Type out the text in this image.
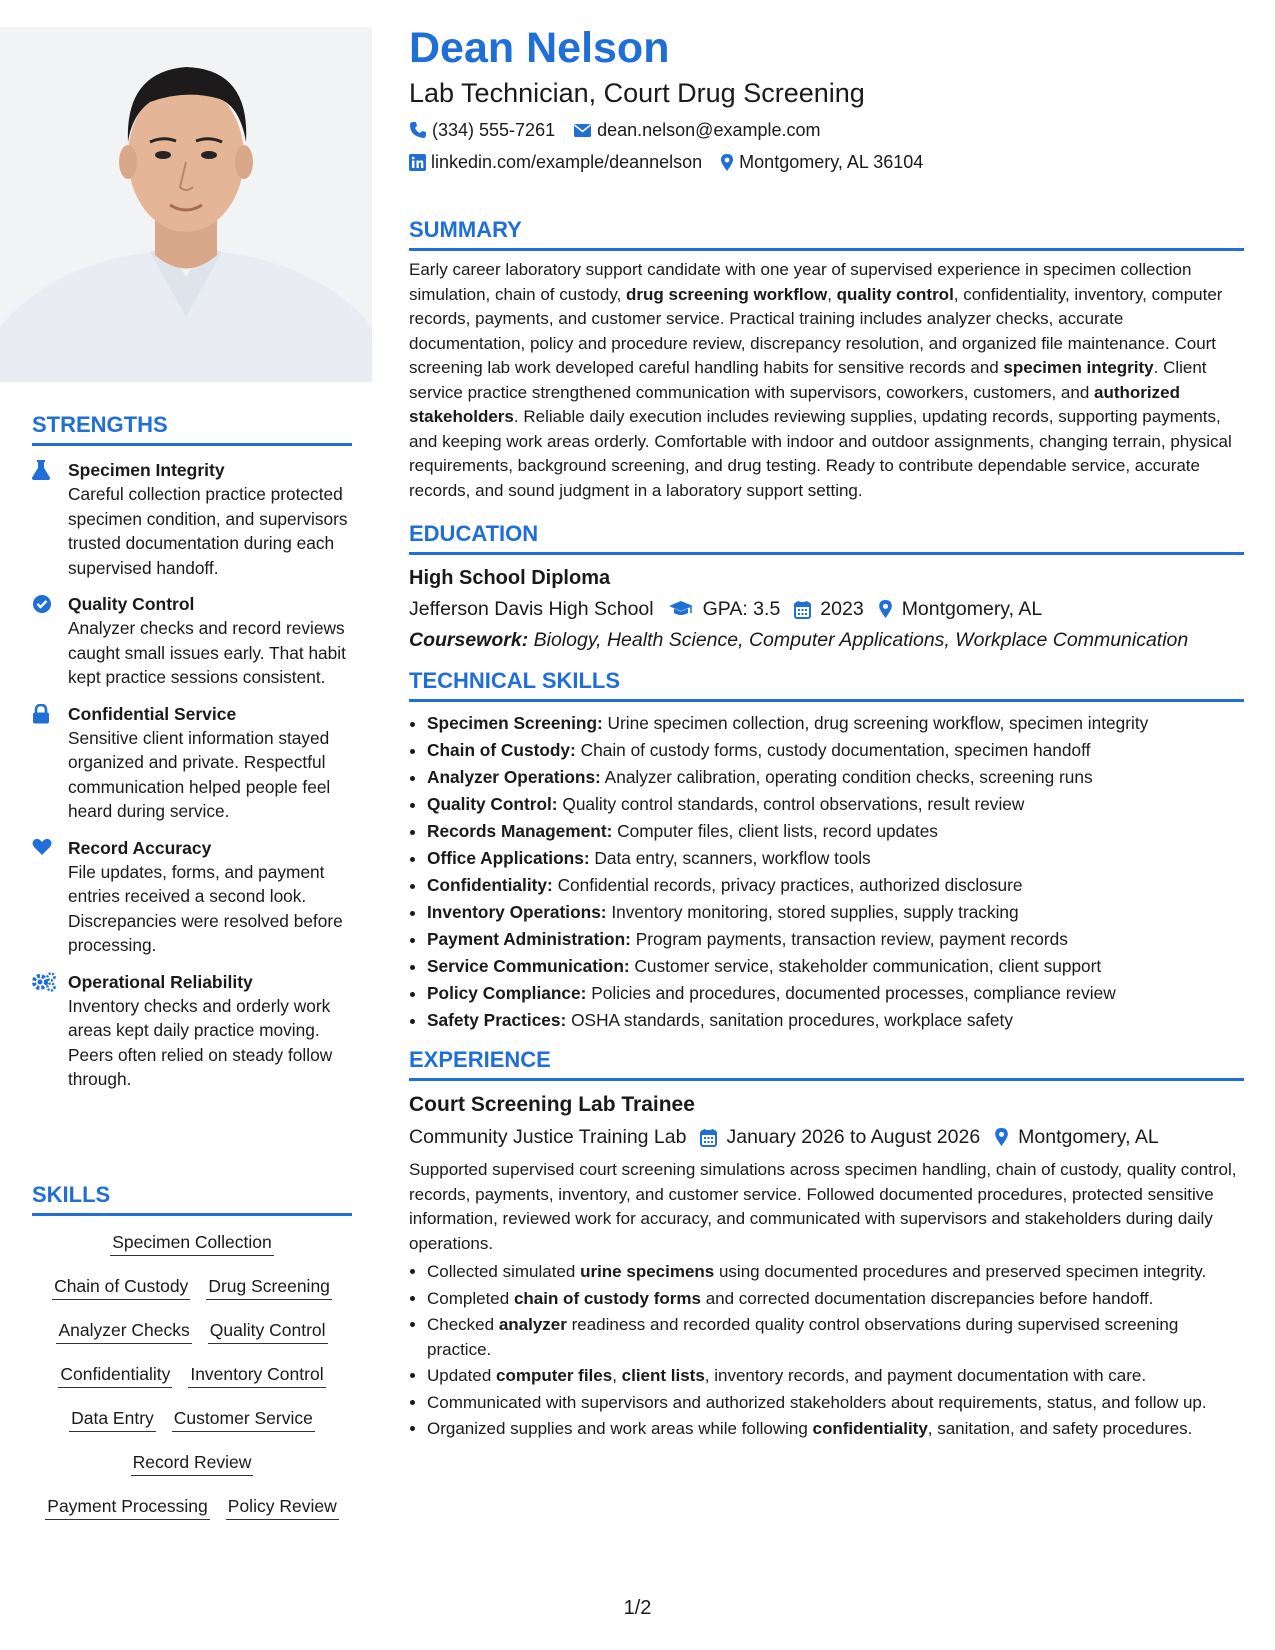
STRENGTHS
Specimen Integrity
Careful collection practice protected specimen condition, and supervisors trusted documentation during each supervised handoff.
Quality Control
Analyzer checks and record reviews caught small issues early. That habit kept practice sessions consistent.
Confidential Service
Sensitive client information stayed organized and private. Respectful communication helped people feel heard during service.
Record Accuracy
File updates, forms, and payment entries received a second look. Discrepancies were resolved before processing.
Operational Reliability
Inventory checks and orderly work areas kept daily practice moving. Peers often relied on steady follow through.
SKILLS
Specimen Collection
Chain of Custody Drug Screening
Analyzer Checks Quality Control
Confidentiality Inventory Control
Data Entry Customer Service
Record Review
Payment Processing Policy Review
Dean Nelson
Lab Technician, Court Drug Screening
(334) 555-7261 dean.nelson@example.com
linkedin.com/example/deannelson Montgomery, AL 36104
SUMMARY
Early career laboratory support candidate with one year of supervised experience in specimen collection simulation, chain of custody, drug screening workflow, quality control, confidentiality, inventory, computer records, payments, and customer service. Practical training includes analyzer checks, accurate documentation, policy and procedure review, discrepancy resolution, and organized file maintenance. Court screening lab work developed careful handling habits for sensitive records and specimen integrity. Client service practice strengthened communication with supervisors, coworkers, customers, and authorized stakeholders. Reliable daily execution includes reviewing supplies, updating records, supporting payments, and keeping work areas orderly. Comfortable with indoor and outdoor assignments, changing terrain, physical requirements, background screening, and drug testing. Ready to contribute dependable service, accurate records, and sound judgment in a laboratory support setting.
EDUCATION
High School Diploma
Jefferson Davis High School	GPA: 3.5 2023 Montgomery, AL
Coursework: Biology, Health Science, Computer Applications, Workplace Communication
TECHNICAL SKILLS
• Specimen Screening: Urine specimen collection, drug screening workflow, specimen integrity
• Chain of Custody: Chain of custody forms, custody documentation, specimen handoff
• Analyzer Operations: Analyzer calibration, operating condition checks, screening runs
• Quality Control: Quality control standards, control observations, result review
• Records Management: Computer files, client lists, record updates
• Office Applications: Data entry, scanners, workflow tools
• Confidentiality: Confidential records, privacy practices, authorized disclosure
• Inventory Operations: Inventory monitoring, stored supplies, supply tracking
• Payment Administration: Program payments, transaction review, payment records
• Service Communication: Customer service, stakeholder communication, client support
• Policy Compliance: Policies and procedures, documented processes, compliance review
• Safety Practices: OSHA standards, sanitation procedures, workplace safety
EXPERIENCE
Court Screening Lab Trainee
Community Justice Training Lab January 2026 to August 2026 Montgomery, AL
Supported supervised court screening simulations across specimen handling, chain of custody, quality control, records, payments, inventory, and customer service. Followed documented procedures, protected sensitive information, reviewed work for accuracy, and communicated with supervisors and stakeholders during daily operations.
• Collected simulated urine specimens using documented procedures and preserved specimen integrity.
• Completed chain of custody forms and corrected documentation discrepancies before handoff.
• Checked analyzer readiness and recorded quality control observations during supervised screening practice.
• Updated computer files, client lists, inventory records, and payment documentation with care.
• Communicated with supervisors and authorized stakeholders about requirements, status, and follow up.
• Organized supplies and work areas while following confidentiality, sanitation, and safety procedures.
1/2
